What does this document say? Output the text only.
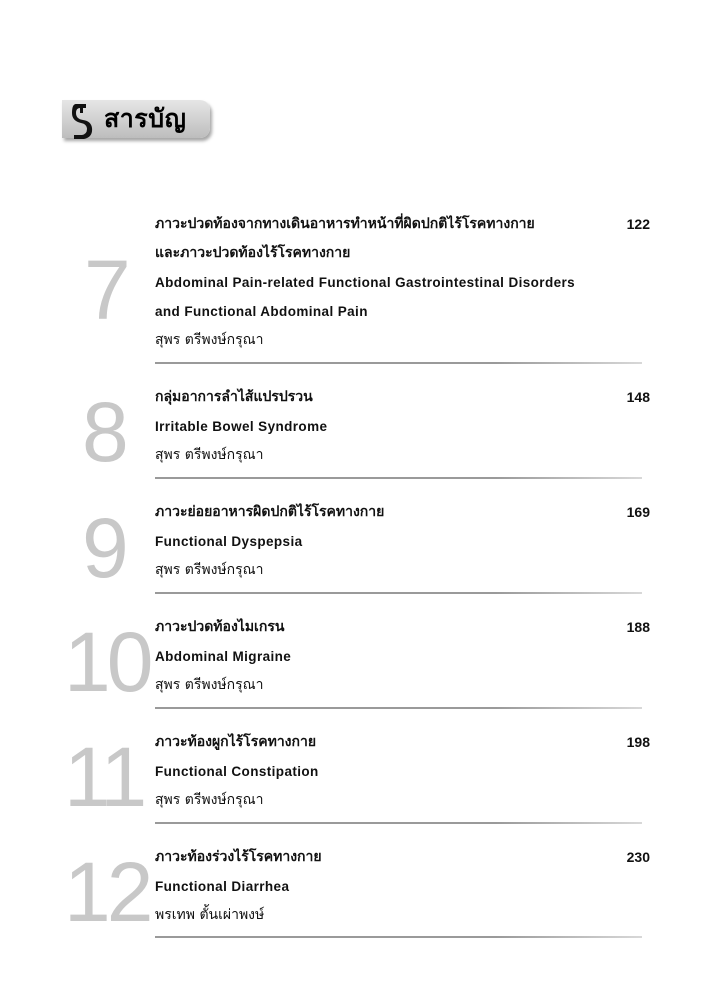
สารบัญ
7
ภาวะปวดท้องจากทางเดินอาหารทำหน้าที่ผิดปกติไร้โรคทางกาย	122
และภาวะปวดท้องไร้โรคทางกาย
Abdominal Pain-related Functional Gastrointestinal Disorders
and Functional Abdominal Pain
สุพร ตรีพงษ์กรุณา
8 กลุ่มอาการลำไส้แปรปรวน	148
Irritable Bowel Syndrome
สุพร ตรีพงษ์กรุณา
9 ภาวะย่อยอาหารผิดปกติไร้โรคทางกาย	169
Functional Dyspepsia
สุพร ตรีพงษ์กรุณา
10 ภาวะปวดท้องไมเกรน	188
Abdominal Migraine
สุพร ตรีพงษ์กรุณา
11 ภาวะท้องผูกไร้โรคทางกาย	198
Functional Constipation
สุพร ตรีพงษ์กรุณา
12 ภาวะท้องร่วงไร้โรคทางกาย	230
Functional Diarrhea
พรเทพ ตั้นเผ่าพงษ์
